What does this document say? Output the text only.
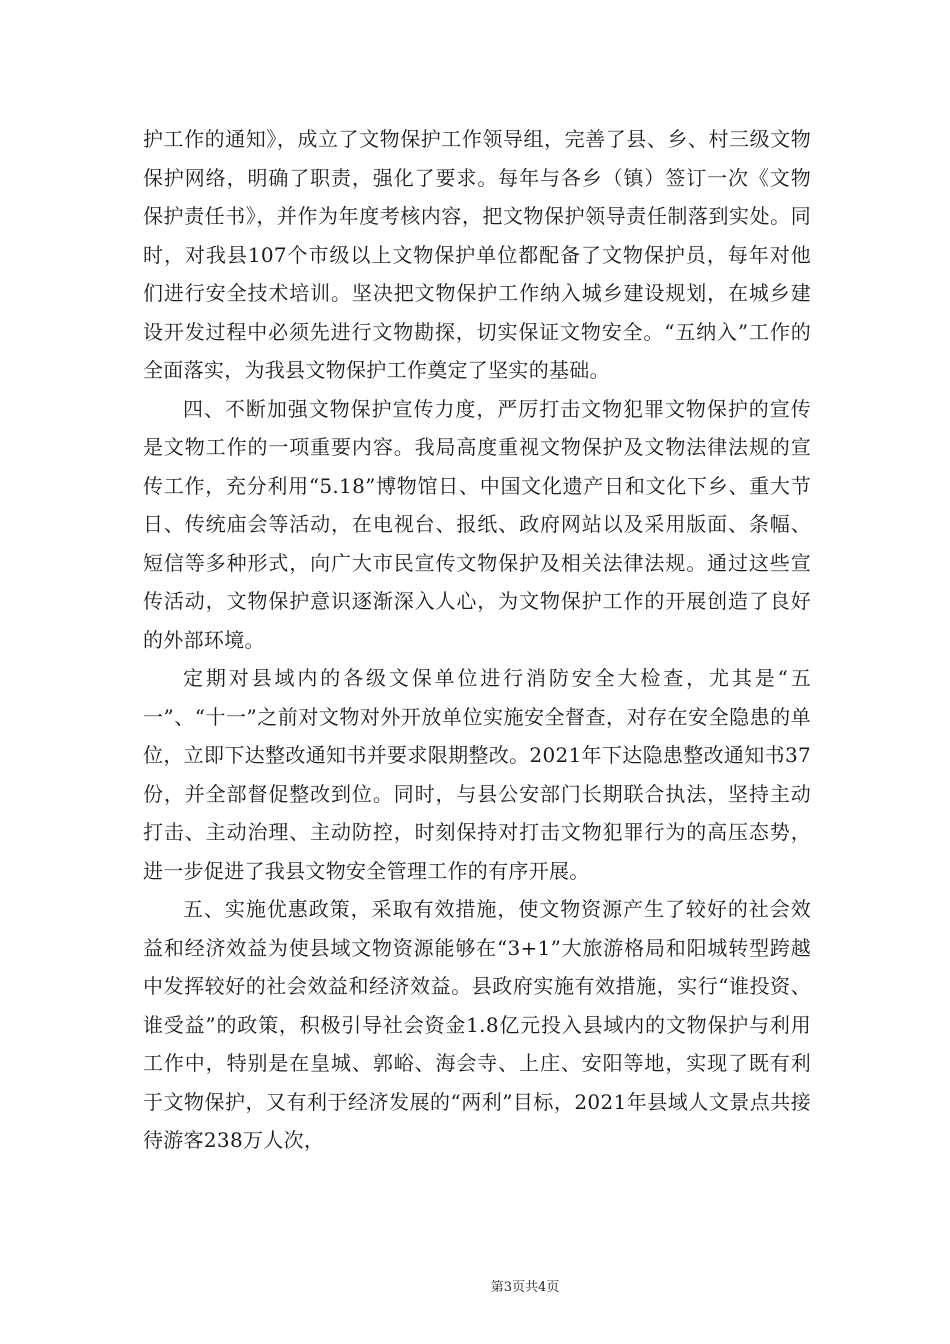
护工作的通知》，成立了文物保护工作领导组，完善了县、乡、村三级文物保护网络，明确了职责，强化了要求。每年与各乡（镇）签订一次《文物保护责任书》，并作为年度考核内容，把文物保护领导责任制落到实处。同时，对我县107个市级以上文物保护单位都配备了文物保护员，每年对他们进行安全技术培训。坚决把文物保护工作纳入城乡建设规划，在城乡建设开发过程中必须先进行文物勘探，切实保证文物安全。“五纳入”工作的全面落实，为我县文物保护工作奠定了坚实的基础。

四、不断加强文物保护宣传力度，严厉打击文物犯罪文物保护的宣传是文物工作的一项重要内容。我局高度重视文物保护及文物法律法规的宣传工作，充分利用“5.18”博物馆日、中国文化遗产日和文化下乡、重大节日、传统庙会等活动，在电视台、报纸、政府网站以及采用版面、条幅、短信等多种形式，向广大市民宣传文物保护及相关法律法规。通过这些宣传活动，文物保护意识逐渐深入人心，为文物保护工作的开展创造了良好的外部环境。

定期对县域内的各级文保单位进行消防安全大检查，尤其是“五一”、“十一”之前对文物对外开放单位实施安全督查，对存在安全隐患的单位，立即下达整改通知书并要求限期整改。2021年下达隐患整改通知书37份，并全部督促整改到位。同时，与县公安部门长期联合执法，坚持主动打击、主动治理、主动防控，时刻保持对打击文物犯罪行为的高压态势，进一步促进了我县文物安全管理工作的有序开展。

五、实施优惠政策，采取有效措施，使文物资源产生了较好的社会效益和经济效益为使县域文物资源能够在“3+1”大旅游格局和阳城转型跨越中发挥较好的社会效益和经济效益。县政府实施有效措施，实行“谁投资、谁受益”的政策，积极引导社会资金1.8亿元投入县域内的文物保护与利用工作中，特别是在皇城、郭峪、海会寺、上庄、安阳等地，实现了既有利于文物保护，又有利于经济发展的“两利”目标，2021年县域人文景点共接待游客238万人次，

第3页共4页
